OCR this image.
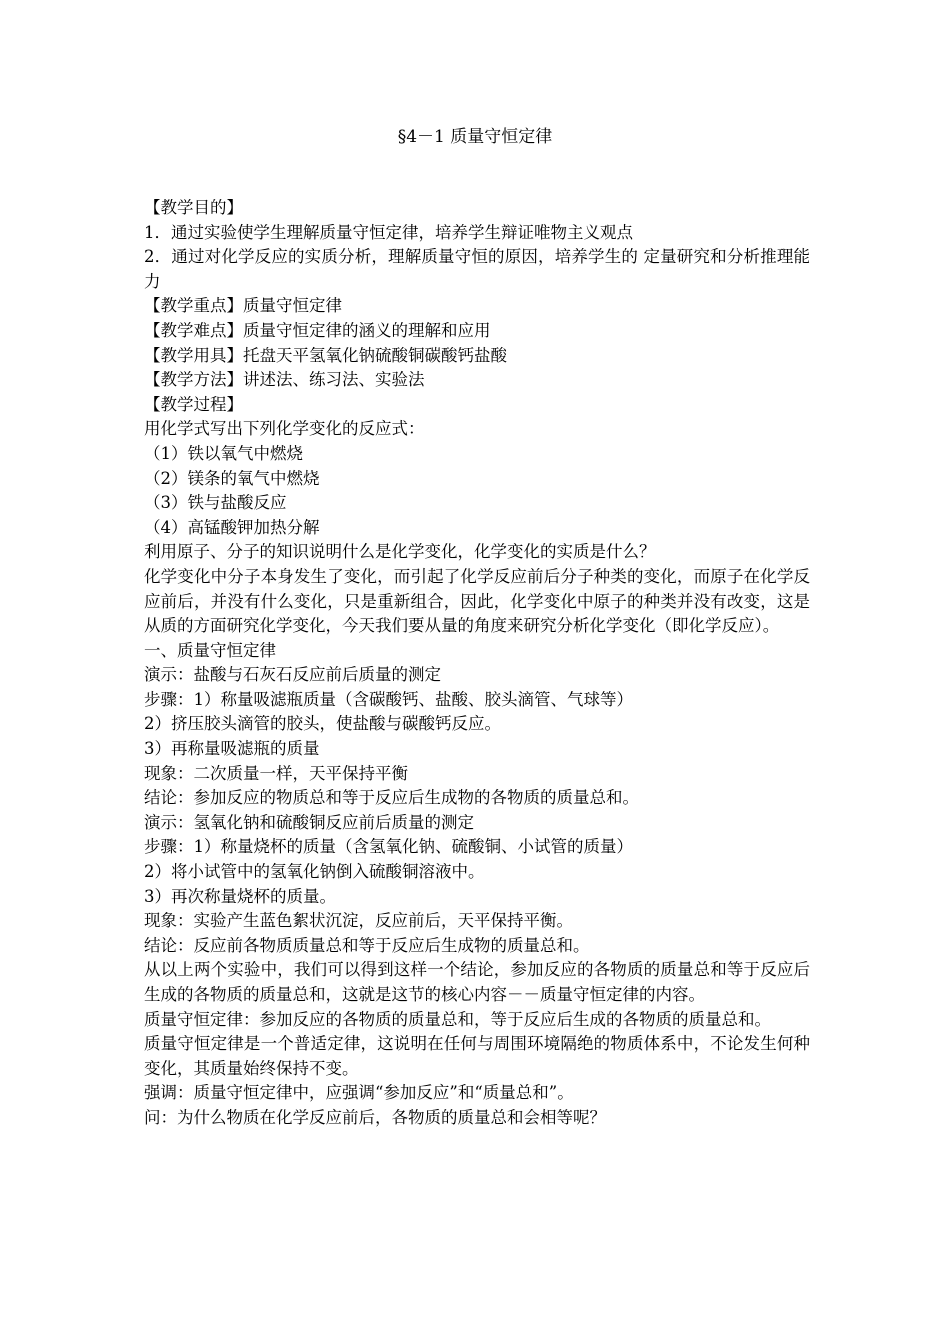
§4－1 质量守恒定律

【教学目的】

1．通过实验使学生理解质量守恒定律，培养学生辩证唯物主义观点

2．通过对化学反应的实质分析，理解质量守恒的原因，培养学生的 定量研究和分析推理能力

【教学重点】质量守恒定律

【教学难点】质量守恒定律的涵义的理解和应用

【教学用具】托盘天平氢氧化钠硫酸铜碳酸钙盐酸

【教学方法】讲述法、练习法、实验法

【教学过程】

用化学式写出下列化学变化的反应式：

（1）铁以氧气中燃烧

（2）镁条的氧气中燃烧

（3）铁与盐酸反应

（4）高锰酸钾加热分解

利用原子、分子的知识说明什么是化学变化，化学变化的实质是什么？

化学变化中分子本身发生了变化，而引起了化学反应前后分子种类的变化，而原子在化学反应前后，并没有什么变化，只是重新组合，因此，化学变化中原子的种类并没有改变，这是从质的方面研究化学变化，今天我们要从量的角度来研究分析化学变化（即化学反应）。

一、质量守恒定律

演示：盐酸与石灰石反应前后质量的测定

步骤：1）称量吸滤瓶质量（含碳酸钙、盐酸、胶头滴管、气球等）

2）挤压胶头滴管的胶头，使盐酸与碳酸钙反应。

3）再称量吸滤瓶的质量

现象：二次质量一样，天平保持平衡

结论：参加反应的物质总和等于反应后生成物的各物质的质量总和。

演示：氢氧化钠和硫酸铜反应前后质量的测定

步骤：1）称量烧杯的质量（含氢氧化钠、硫酸铜、小试管的质量）

2）将小试管中的氢氧化钠倒入硫酸铜溶液中。

3）再次称量烧杯的质量。

现象：实验产生蓝色絮状沉淀，反应前后，天平保持平衡。

结论：反应前各物质质量总和等于反应后生成物的质量总和。

从以上两个实验中，我们可以得到这样一个结论，参加反应的各物质的质量总和等于反应后生成的各物质的质量总和，这就是这节的核心内容－－质量守恒定律的内容。

质量守恒定律：参加反应的各物质的质量总和，等于反应后生成的各物质的质量总和。

质量守恒定律是一个普适定律，这说明在任何与周围环境隔绝的物质体系中，不论发生何种变化，其质量始终保持不变。

强调：质量守恒定律中，应强调“参加反应”和“质量总和”。

问：为什么物质在化学反应前后，各物质的质量总和会相等呢？
